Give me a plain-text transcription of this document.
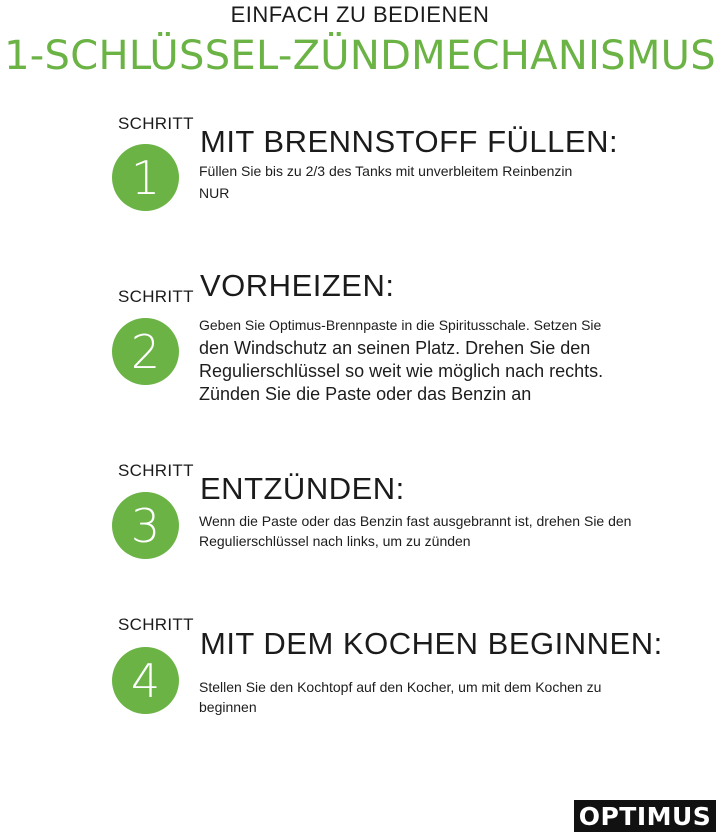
EINFACH ZU BEDIENEN
1-SCHLÜSSEL-ZÜNDMECHANISMUS
SCHRITT
1
MIT BRENNSTOFF FÜLLEN:
Füllen Sie bis zu 2/3 des Tanks mit unverbleitem Reinbenzin
NUR
SCHRITT VORHEIZEN:
2	Geben Sie Optimus-Brennpaste in die Spiritusschale. Setzen Sie
den Windschutz an seinen Platz. Drehen Sie den
Regulierschlüssel so weit wie möglich nach rechts.
Zünden Sie die Paste oder das Benzin an
SCHRITT
ENTZÜNDEN:
3	Wenn die Paste oder das Benzin fast ausgebrannt ist, drehen Sie den
Regulierschlüssel nach links, um zu zünden
SCHRITT
MIT DEM KOCHEN BEGINNEN:
4	Stellen Sie den Kochtopf auf den Kocher, um mit dem Kochen zu
beginnen
OPTIMUS
